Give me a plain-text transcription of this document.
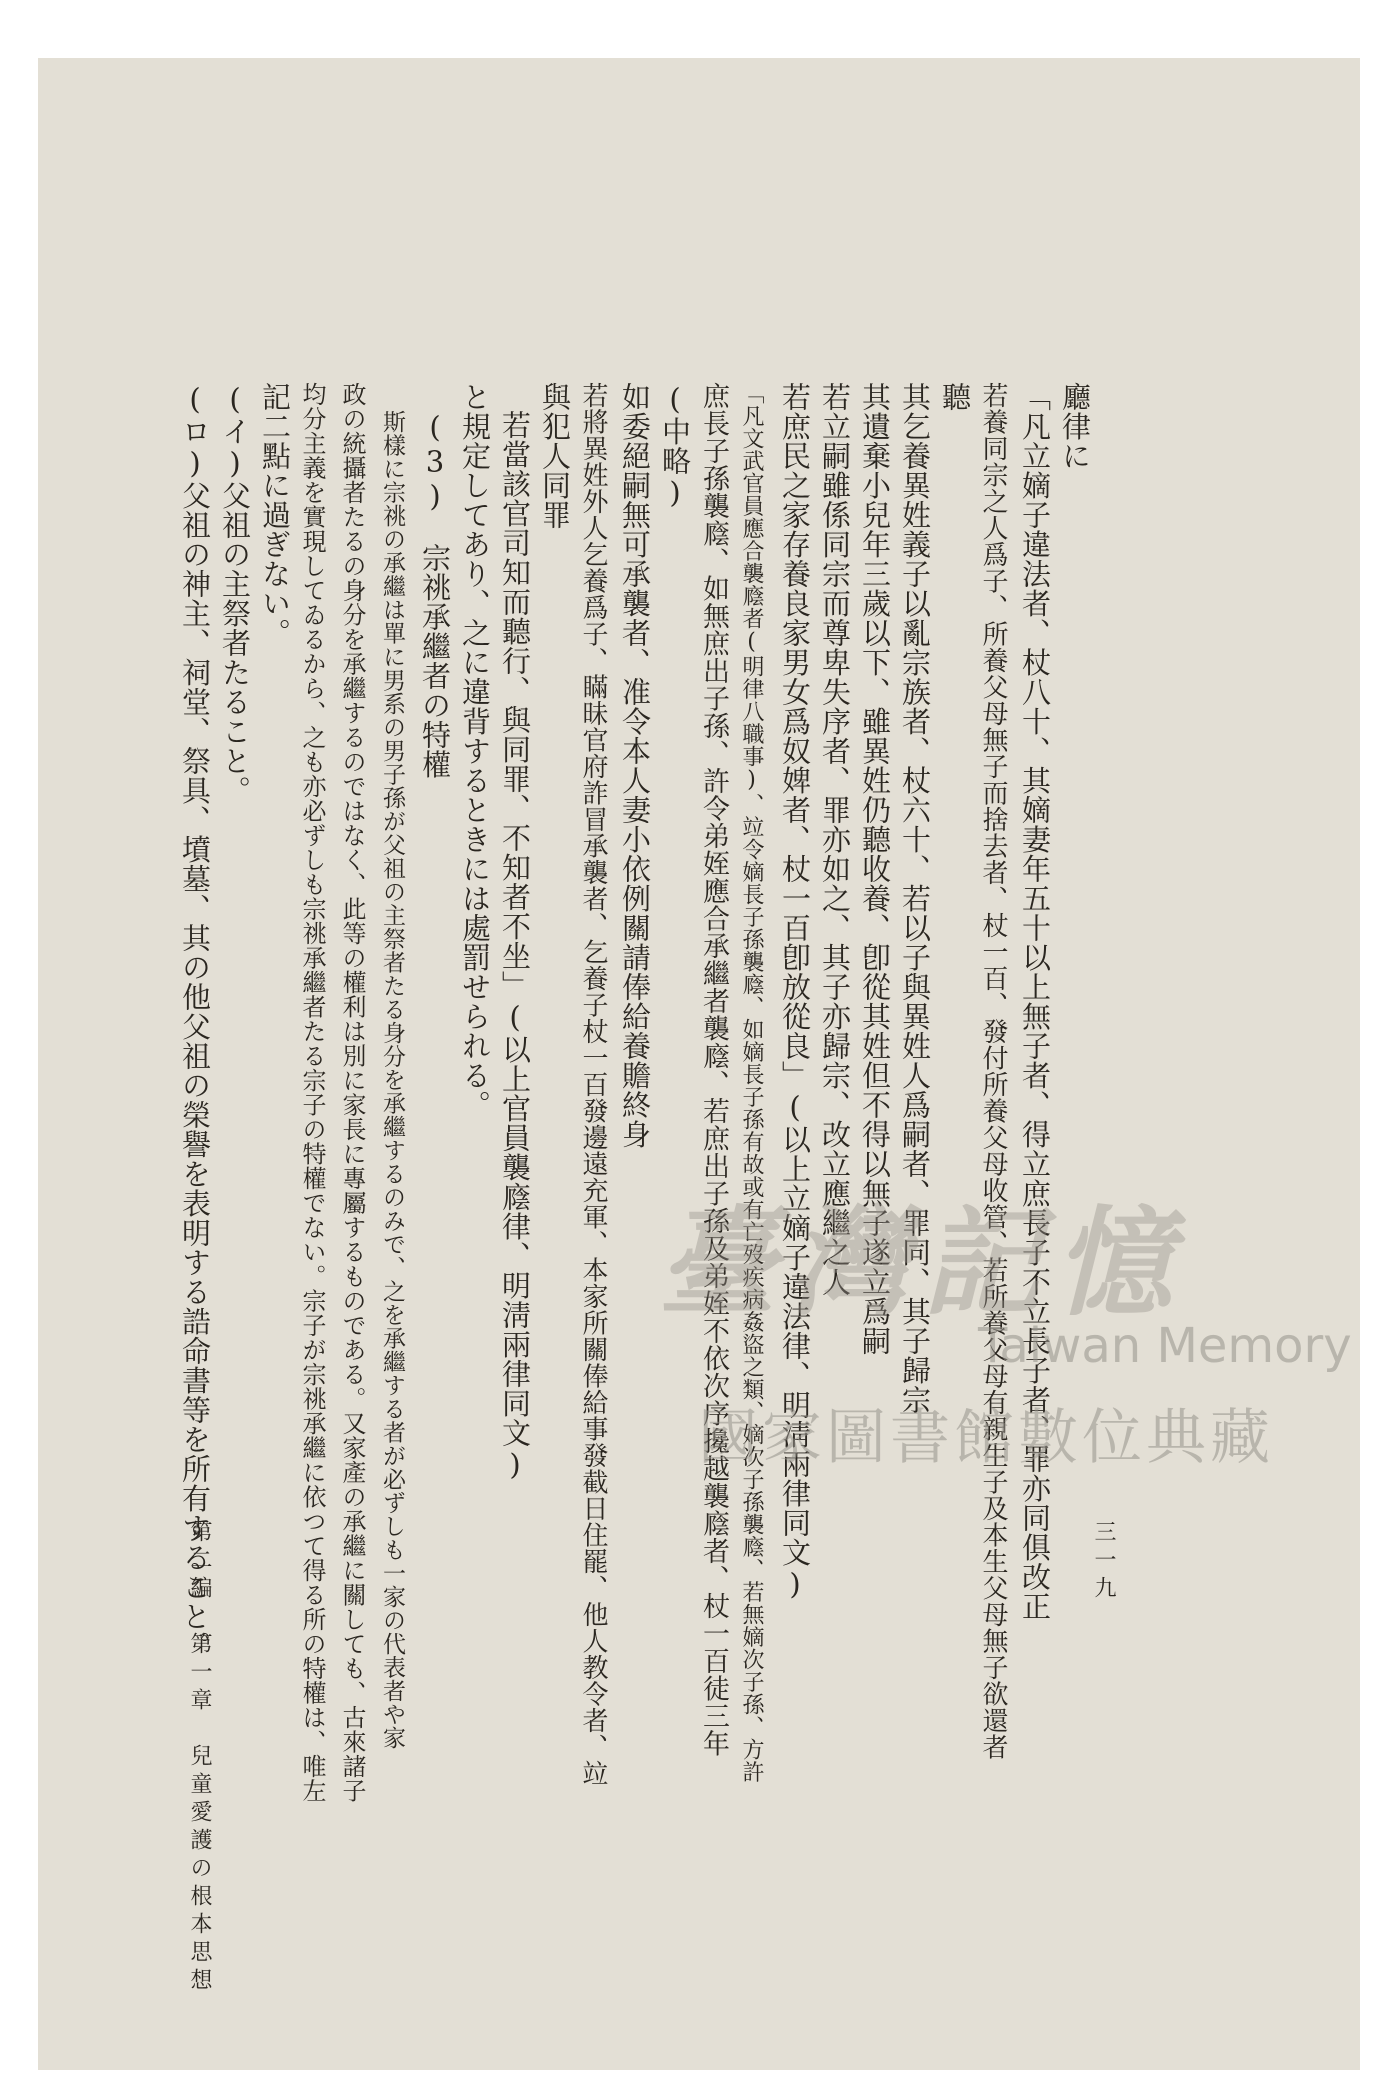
廳律に
「凡立嫡子違法者、杖八十、其嫡妻年五十以上無子者、得立庶長子不立長子者、罪亦同俱改正
若養同宗之人爲子、所養父母無子而捨去者、杖一百、發付所養父母收管、若所養父母有親生子及本生父母無子欲還者
聽
其乞養異姓義子以亂宗族者、杖六十、若以子與異姓人爲嗣者、罪同、其子歸宗
其遺棄小兒年三歲以下、雖異姓仍聽收養、卽從其姓但不得以無子遂立爲嗣
若立嗣雖係同宗而尊卑失序者、罪亦如之、其子亦歸宗、改立應繼之人
若庶民之家存養良家男女爲奴婢者、杖一百卽放從良」(以上立嫡子違法律、明淸兩律同文)
「凡文武官員應合襲廕者(明律八職事)、竝令嫡長子孫襲廕、如嫡長子孫有故或有亡歿疾病姦盜之類、嫡次子孫襲廕、若無嫡次子孫、方許
庶長子孫襲廕、如無庶出子孫、許令弟姪應合承繼者襲廕、若庶出子孫及弟姪不依次序攙越襲廕者、杖一百徒三年
(中略)
如委絕嗣無可承襲者、准令本人妻小依例關請俸給養贍終身
若將異姓外人乞養爲子、瞞昧官府詐冒承襲者、乞養子杖一百發邊遠充軍、本家所關俸給事發截日住罷、他人教令者、竝
與犯人同罪
若當該官司知而聽行、與同罪、不知者不坐」(以上官員襲廕律、明淸兩律同文)
と規定してあり、之に違背するときには處罰せられる。
(3)　宗祧承繼者の特權
斯樣に宗祧の承繼は單に男系の男子孫が父祖の主祭者たる身分を承繼するのみで、之を承繼する者が必ずしも一家の代表者や家
政の統攝者たるの身分を承繼するのではなく、此等の權利は別に家長に專屬するものである。又家產の承繼に關しても、古來諸子
均分主義を實現してゐるから、之も亦必ずしも宗祧承繼者たる宗子の特權でない。宗子が宗祧承繼に依つて得る所の特權は、唯左
記二點に過ぎない。
(イ)父祖の主祭者たること。
(ロ)父祖の神主、祠堂、祭具、墳墓、其の他父祖の榮譽を表明する誥命書等を所有すること。	三一九
第二編　第一章　兒童愛護の根本思想
臺灣記憶
Taiwan Memory
國家圖書館數位典藏
